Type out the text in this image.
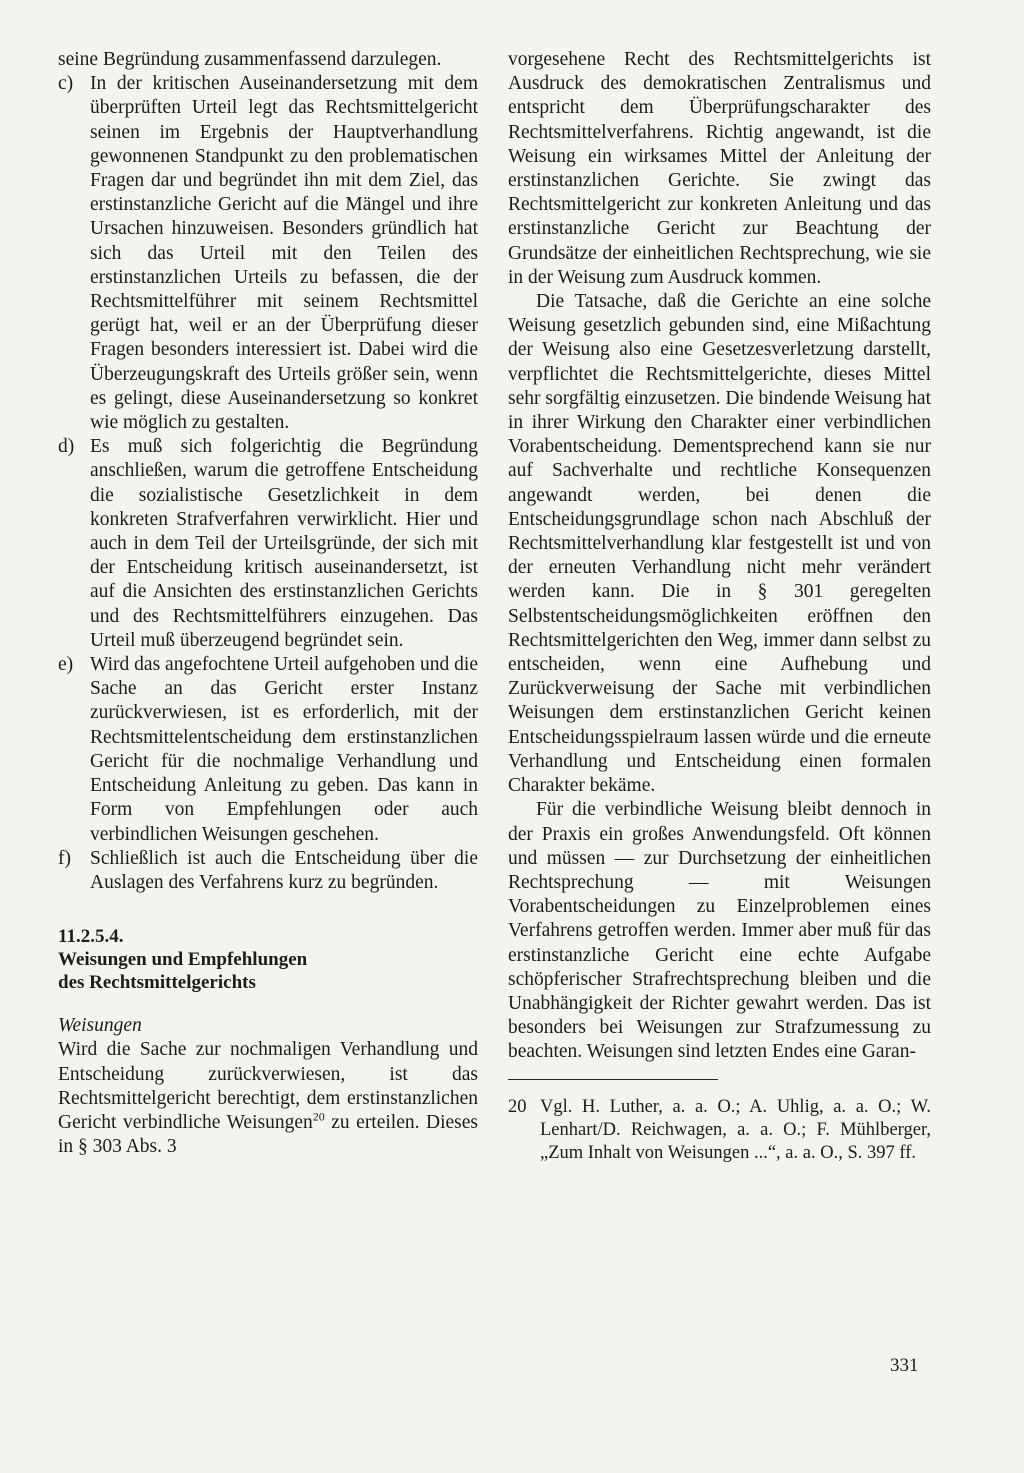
seine Begründung zusammenfassend darzulegen.

c) In der kritischen Auseinandersetzung mit dem überprüften Urteil legt das Rechtsmittelgericht seinen im Ergebnis der Hauptverhandlung gewonnenen Standpunkt zu den problematischen Fragen dar und begründet ihn mit dem Ziel, das erstinstanzliche Gericht auf die Mängel und ihre Ursachen hinzuweisen. Besonders gründlich hat sich das Urteil mit den Teilen des erstinstanzlichen Urteils zu befassen, die der Rechtsmittelführer mit seinem Rechtsmittel gerügt hat, weil er an der Überprüfung dieser Fragen besonders interessiert ist. Dabei wird die Überzeugungskraft des Urteils größer sein, wenn es gelingt, diese Auseinandersetzung so konkret wie möglich zu gestalten.
d) Es muß sich folgerichtig die Begründung anschließen, warum die getroffene Entscheidung die sozialistische Gesetzlichkeit in dem konkreten Strafverfahren verwirklicht. Hier und auch in dem Teil der Urteilsgründe, der sich mit der Entscheidung kritisch auseinandersetzt, ist auf die Ansichten des erstinstanzlichen Gerichts und des Rechtsmittelführers einzugehen. Das Urteil muß überzeugend begründet sein.
e) Wird das angefochtene Urteil aufgehoben und die Sache an das Gericht erster Instanz zurückverwiesen, ist es erforderlich, mit der Rechtsmittelentscheidung dem erstinstanzlichen Gericht für die nochmalige Verhandlung und Entscheidung Anleitung zu geben. Das kann in Form von Empfehlungen oder auch verbindlichen Weisungen geschehen.
f) Schließlich ist auch die Entscheidung über die Auslagen des Verfahrens kurz zu begründen.
11.2.5.4.
Weisungen und Empfehlungen
des Rechtsmittelgerichts
Weisungen

Wird die Sache zur nochmaligen Verhandlung und Entscheidung zurückverwiesen, ist das Rechtsmittelgericht berechtigt, dem erstinstanzlichen Gericht verbindliche Weisungen$^{20}$ zu erteilen. Dieses in § 303 Abs. 3

vorgesehene Recht des Rechtsmittelgerichts ist Ausdruck des demokratischen Zentralismus und entspricht dem Überprüfungscharakter des Rechtsmittelverfahrens. Richtig angewandt, ist die Weisung ein wirksames Mittel der Anleitung der erstinstanzlichen Gerichte. Sie zwingt das Rechtsmittelgericht zur konkreten Anleitung und das erstinstanzliche Gericht zur Beachtung der Grundsätze der einheitlichen Rechtsprechung, wie sie in der Weisung zum Ausdruck kommen.

Die Tatsache, daß die Gerichte an eine solche Weisung gesetzlich gebunden sind, eine Mißachtung der Weisung also eine Gesetzesverletzung darstellt, verpflichtet die Rechtsmittelgerichte, dieses Mittel sehr sorgfältig einzusetzen. Die bindende Weisung hat in ihrer Wirkung den Charakter einer verbindlichen Vorabentscheidung. Dementsprechend kann sie nur auf Sachverhalte und rechtliche Konsequenzen angewandt werden, bei denen die Entscheidungsgrundlage schon nach Abschluß der Rechtsmittelverhandlung klar festgestellt ist und von der erneuten Verhandlung nicht mehr verändert werden kann. Die in § 301 geregelten Selbstentscheidungsmöglichkeiten eröffnen den Rechtsmittelgerichten den Weg, immer dann selbst zu entscheiden, wenn eine Aufhebung und Zurückverweisung der Sache mit verbindlichen Weisungen dem erstinstanzlichen Gericht keinen Entscheidungsspielraum lassen würde und die erneute Verhandlung und Entscheidung einen formalen Charakter bekäme.

Für die verbindliche Weisung bleibt dennoch in der Praxis ein großes Anwendungsfeld. Oft können und müssen — zur Durchsetzung der einheitlichen Rechtsprechung — mit Weisungen Vorabentscheidungen zu Einzelproblemen eines Verfahrens getroffen werden. Immer aber muß für das erstinstanzliche Gericht eine echte Aufgabe schöpferischer Strafrechtsprechung bleiben und die Unabhängigkeit der Richter gewahrt werden. Das ist besonders bei Weisungen zur Strafzumessung zu beachten. Weisungen sind letzten Endes eine Garan-

20 Vgl. H. Luther, a. a. O.; A. Uhlig, a. a. O.; W. Lenhart/D. Reichwagen, a. a. O.; F. Mühlberger, „Zum Inhalt von Weisungen ...“, a. a. O., S. 397 ff.
331
